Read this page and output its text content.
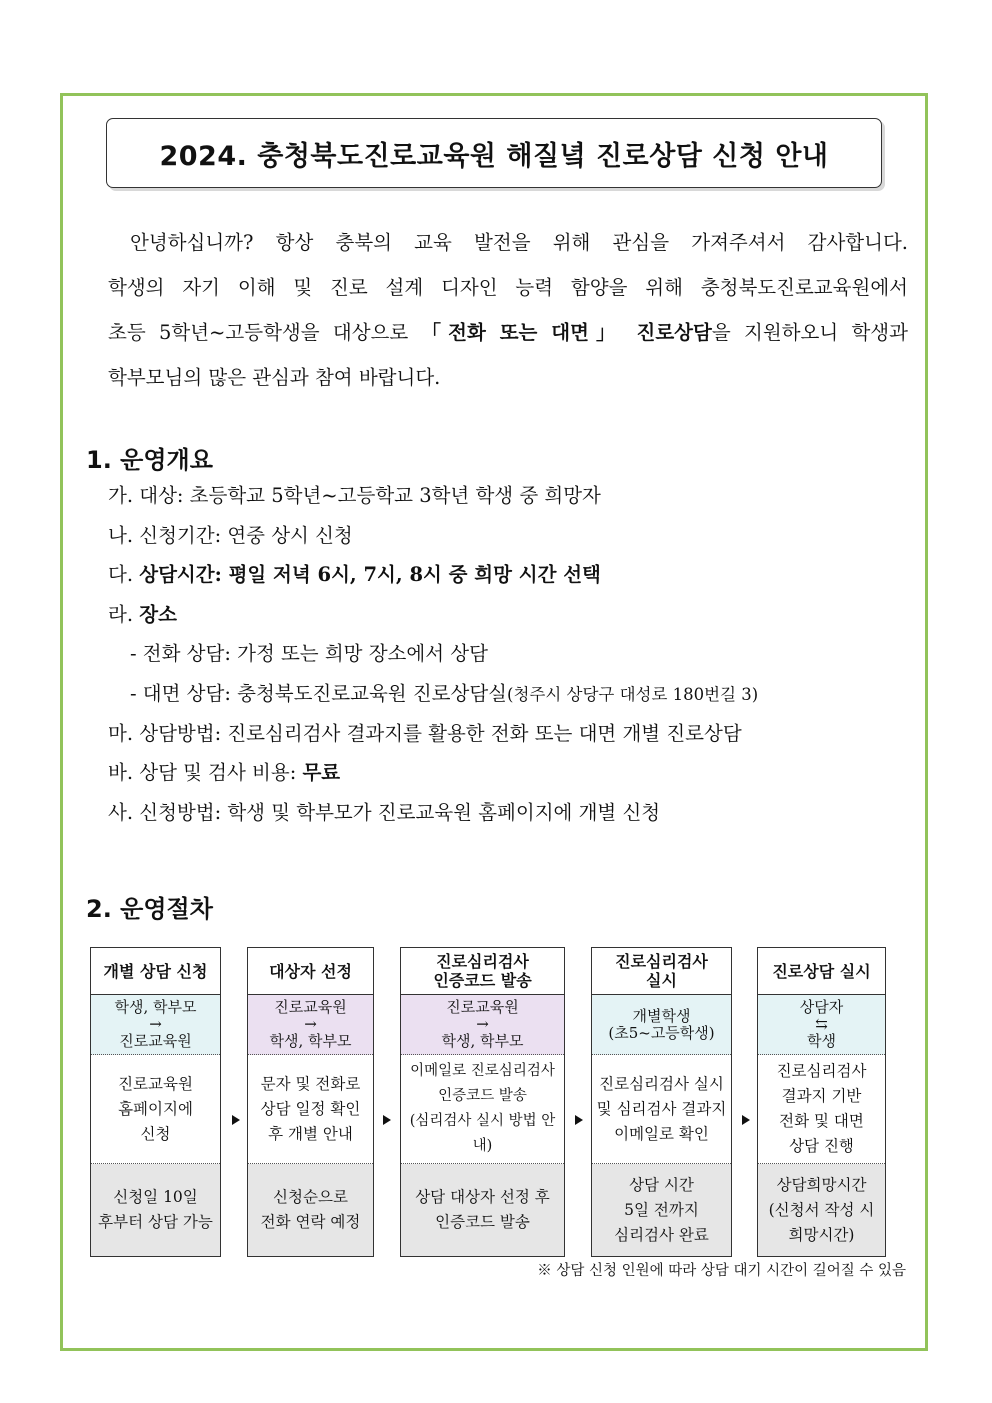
2024. 충청북도진로교육원 해질녘 진로상담 신청 안내
안녕하십니까? 항상 충북의 교육 발전을 위해 관심을 가져주셔서 감사합니다.
학생의 자기 이해 및 진로 설계 디자인 능력 함양을 위해 충청북도진로교육원에서
초등 5학년~고등학생을 대상으로 「전화 또는 대면」 진로상담을 지원하오니 학생과
학부모님의 많은 관심과 참여 바랍니다.
1. 운영개요
가. 대상: 초등학교 5학년~고등학교 3학년 학생 중 희망자
나. 신청기간: 연중 상시 신청
다. 상담시간: 평일 저녁 6시, 7시, 8시 중 희망 시간 선택
라. 장소
- 전화 상담: 가정 또는 희망 장소에서 상담
- 대면 상담: 충청북도진로교육원 진로상담실(청주시 상당구 대성로 180번길 3)
마. 상담방법: 진로심리검사 결과지를 활용한 전화 또는 대면 개별 진로상담
바. 상담 및 검사 비용: 무료
사. 신청방법: 학생 및 학부모가 진로교육원 홈페이지에 개별 신청
2. 운영절차
개별 상담 신청
학생, 학부모
→
진로교육원
진로교육원
홈페이지에
신청
신청일 10일
후부터 상담 가능
대상자 선정
진로교육원
→
학생, 학부모
문자 및 전화로
상담 일정 확인
후 개별 안내
신청순으로
전화 연락 예정
진로심리검사
인증코드 발송
진로교육원
→
학생, 학부모
이메일로 진로심리검사
인증코드 발송
(심리검사 실시 방법 안내)
상담 대상자 선정 후
인증코드 발송
진로심리검사
실시
개별학생
(초5~고등학생)
진로심리검사 실시
및 심리검사 결과지
이메일로 확인
상담 시간
5일 전까지
심리검사 완료
진로상담 실시
상담자
⇆
학생
진로심리검사
결과지 기반
전화 및 대면
상담 진행
상담희망시간
(신청서 작성 시
희망시간)
※ 상담 신청 인원에 따라 상담 대기 시간이 길어질 수 있음
